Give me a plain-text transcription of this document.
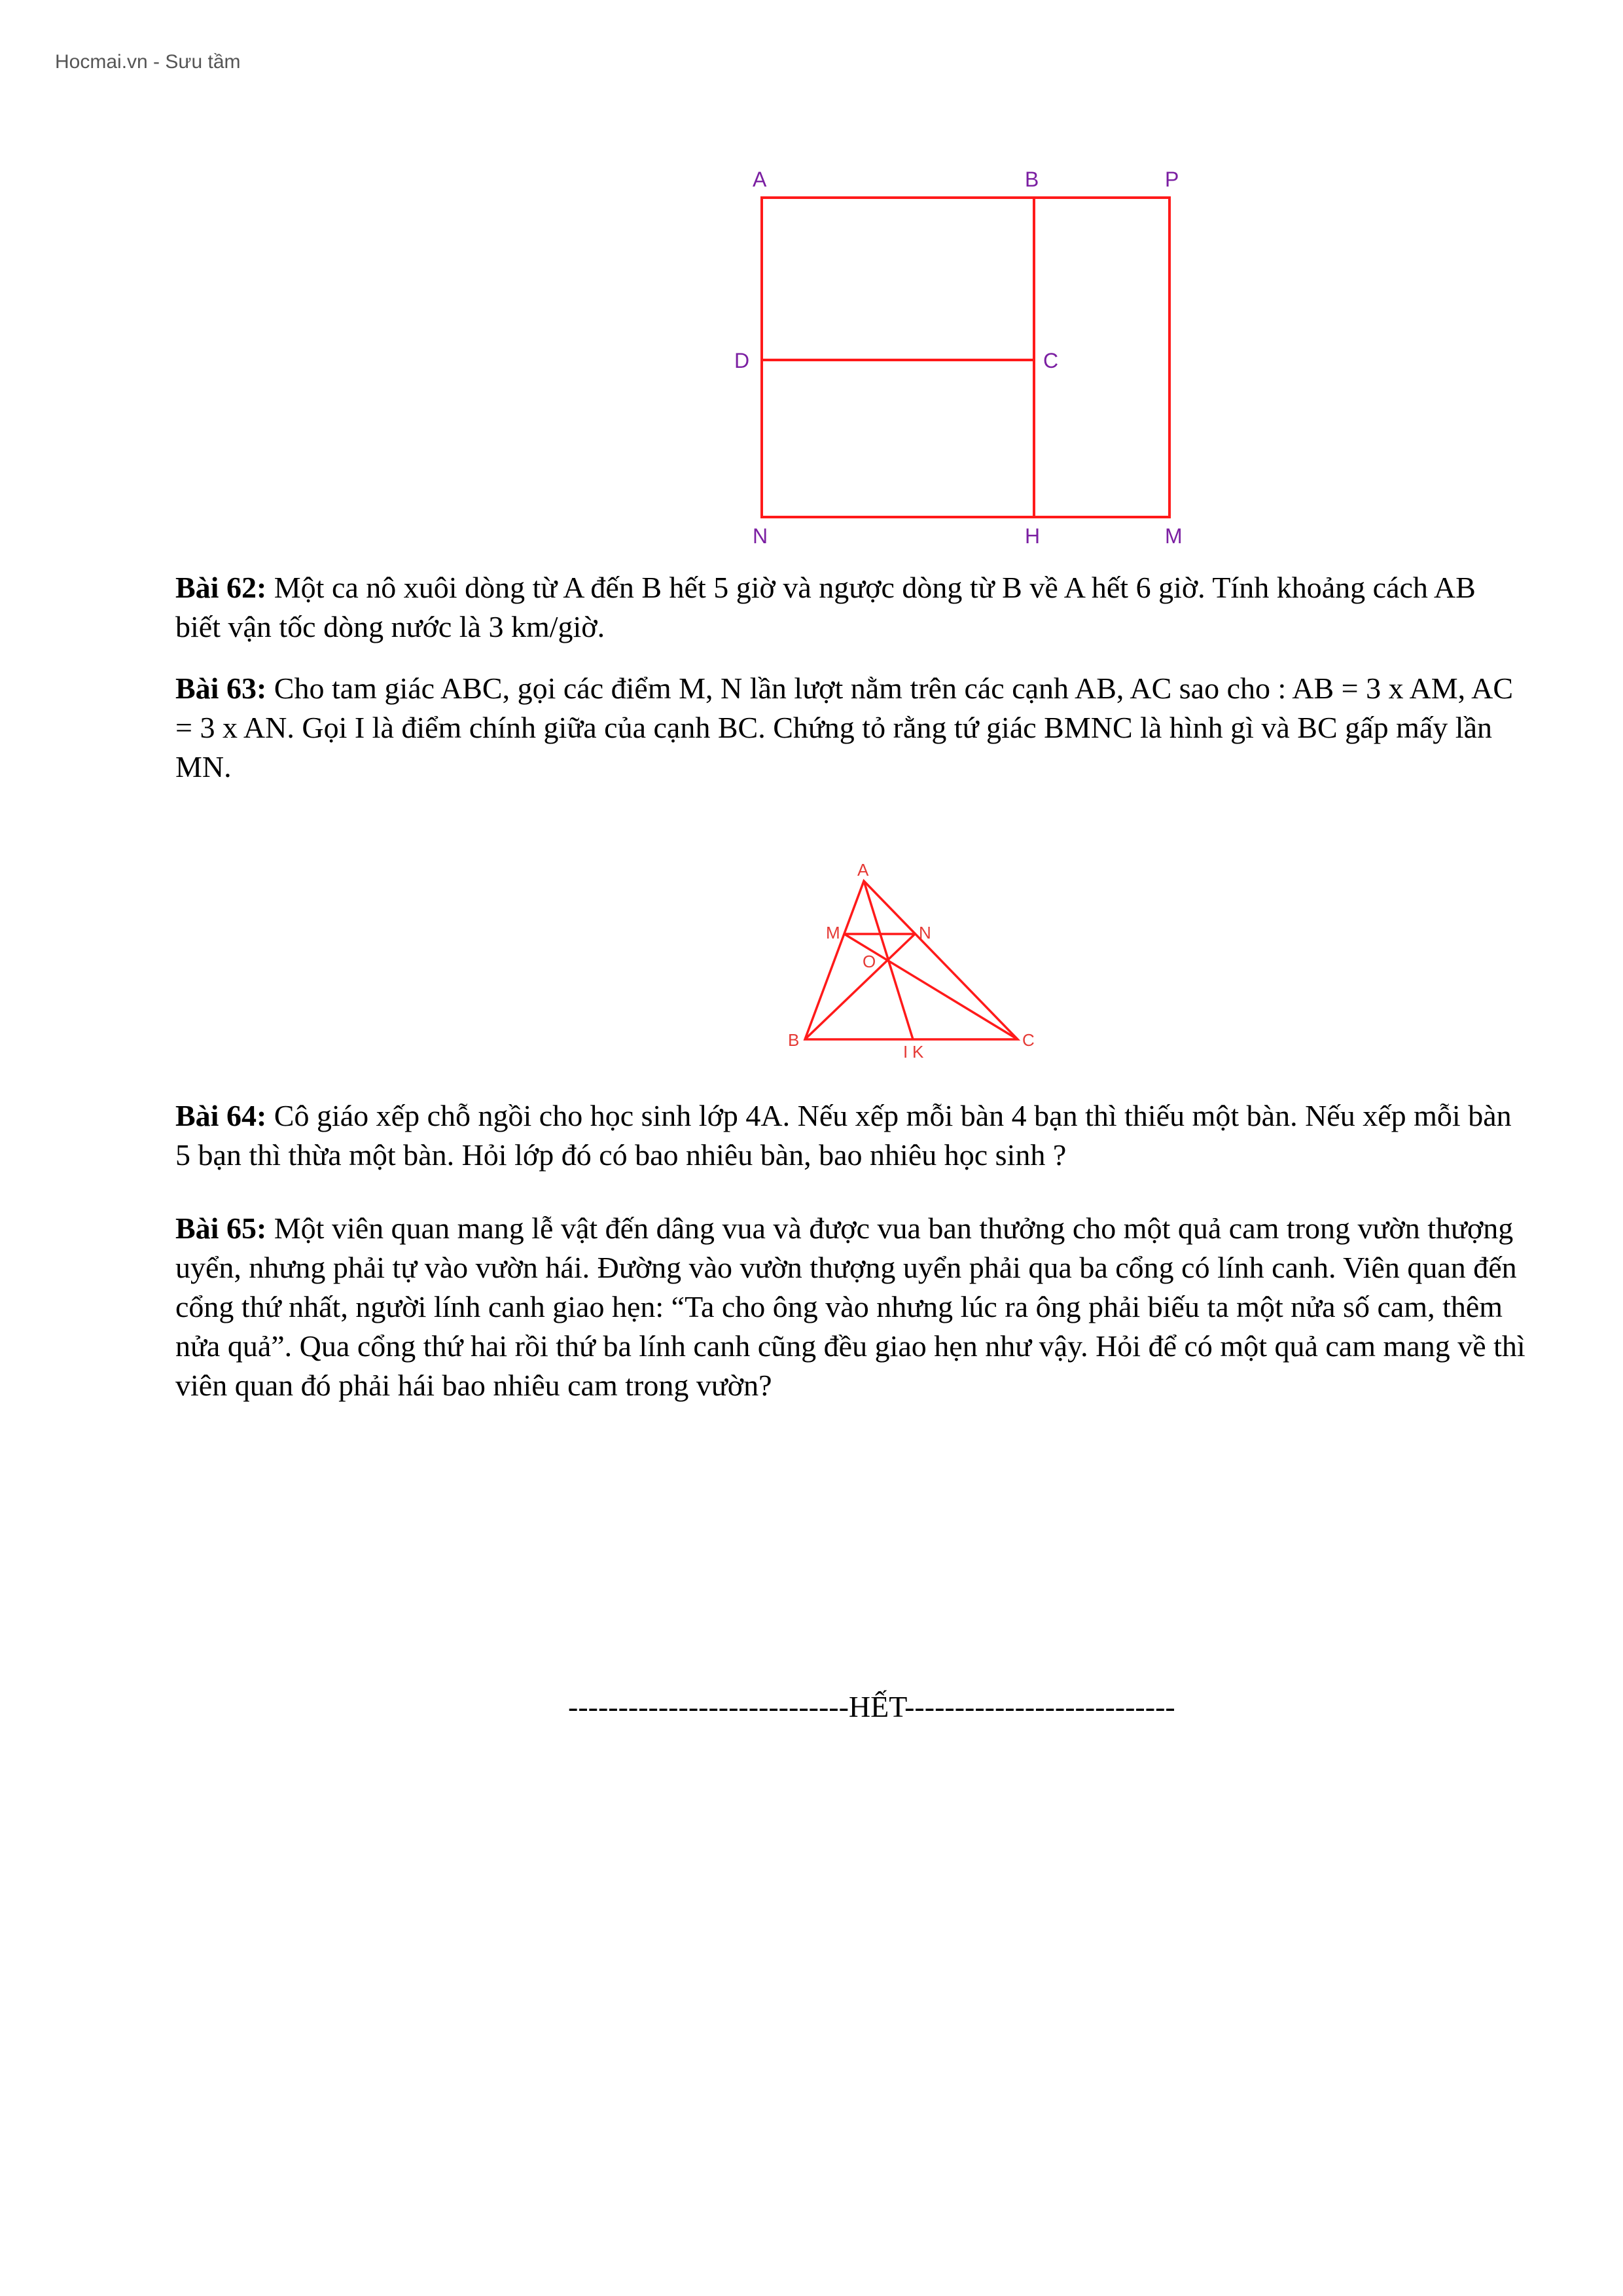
Hocmai.vn - Sưu tầm
A	B	P
D	C
N	H	M

Bài 62: Một ca nô xuôi dòng từ A đến B hết 5 giờ và ngược dòng từ B về A hết 6 giờ. Tính khoảng cách AB

biết vận tốc dòng nước là 3 km/giờ.

Bài 63: Cho tam giác ABC, gọi các điểm M, N lần lượt nằm trên các cạnh AB, AC sao cho : AB = 3 x AM, AC

= 3 x AN. Gọi I là điểm chính giữa của cạnh BC. Chứng tỏ rằng tứ giác BMNC là hình gì và BC gấp mấy lần

MN.

A
M	N
O
B
I K
C

Bài 64: Cô giáo xếp chỗ ngồi cho học sinh lớp 4A. Nếu xếp mỗi bàn 4 bạn thì thiếu một bàn. Nếu xếp mỗi bàn

5 bạn thì thừa một bàn. Hỏi lớp đó có bao nhiêu bàn, bao nhiêu học sinh ?

Bài 65: Một viên quan mang lễ vật đến dâng vua và được vua ban thưởng cho một quả cam trong vườn thượng

uyển, nhưng phải tự vào vườn hái. Đường vào vườn thượng uyển phải qua ba cổng có lính canh. Viên quan đến

cổng thứ nhất, người lính canh giao hẹn: “Ta cho ông vào nhưng lúc ra ông phải biếu ta một nửa số cam, thêm

nửa quả”. Qua cổng thứ hai rồi thứ ba lính canh cũng đều giao hẹn như vậy. Hỏi để có một quả cam mang về thì

viên quan đó phải hái bao nhiêu cam trong vườn?

----------------------------HẾT---------------------------
